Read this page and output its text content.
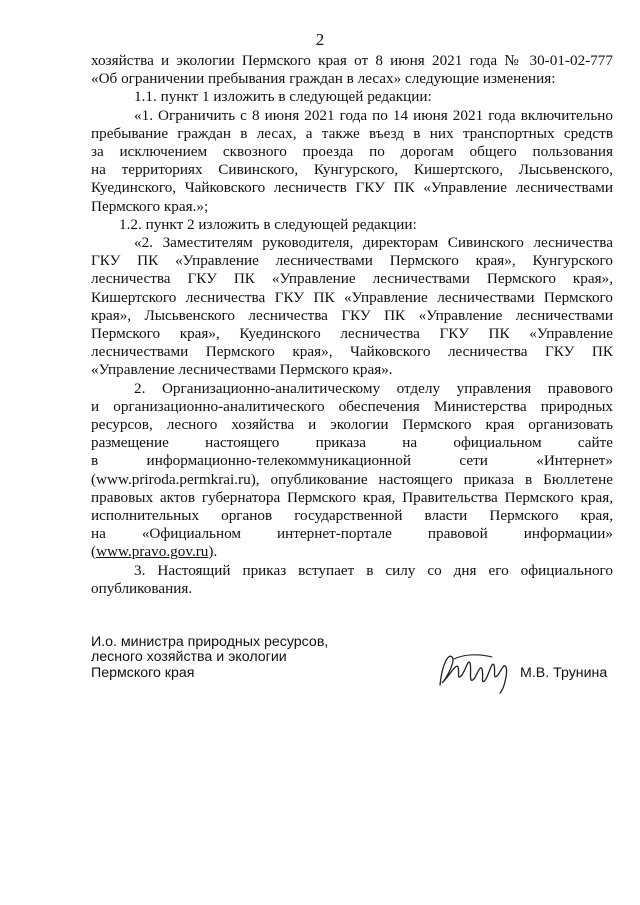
2
хозяйства и экологии Пермского края от 8 июня 2021 года № 30-01-02-777
«Об ограничении пребывания граждан в лесах» следующие изменения:
1.1. пункт 1 изложить в следующей редакции:
«1. Ограничить с 8 июня 2021 года по 14 июня 2021 года включительно
пребывание граждан в лесах, а также въезд в них транспортных средств
за исключением сквозного проезда по дорогам общего пользования
на территориях Сивинского, Кунгурского, Кишертского, Лысьвенского,
Куединского, Чайковского лесничеств ГКУ ПК «Управление лесничествами
Пермского края.»;
1.2. пункт 2 изложить в следующей редакции:
«2. Заместителям руководителя, директорам Сивинского лесничества
ГКУ ПК «Управление лесничествами Пермского края», Кунгурского
лесничества ГКУ ПК «Управление лесничествами Пермского края»,
Кишертского лесничества ГКУ ПК «Управление лесничествами Пермского
края», Лысьвенского лесничества ГКУ ПК «Управление лесничествами
Пермского края», Куединского лесничества ГКУ ПК «Управление
лесничествами Пермского края», Чайковского лесничества ГКУ ПК
«Управление лесничествами Пермского края».
2. Организационно-аналитическому отделу управления правового
и организационно-аналитического обеспечения Министерства природных
ресурсов, лесного хозяйства и экологии Пермского края организовать
размещение настоящего приказа на официальном сайте
в информационно-телекоммуникационной сети «Интернет»
(www.priroda.permkrai.ru), опубликование настоящего приказа в Бюллетене
правовых актов губернатора Пермского края, Правительства Пермского края,
исполнительных органов государственной власти Пермского края,
на «Официальном интернет-портале правовой информации»
(www.pravo.gov.ru).
3. Настоящий приказ вступает в силу со дня его официального
опубликования.
И.о. министра природных ресурсов,
лесного хозяйства и экологии
Пермского края	М.В. Трунина
